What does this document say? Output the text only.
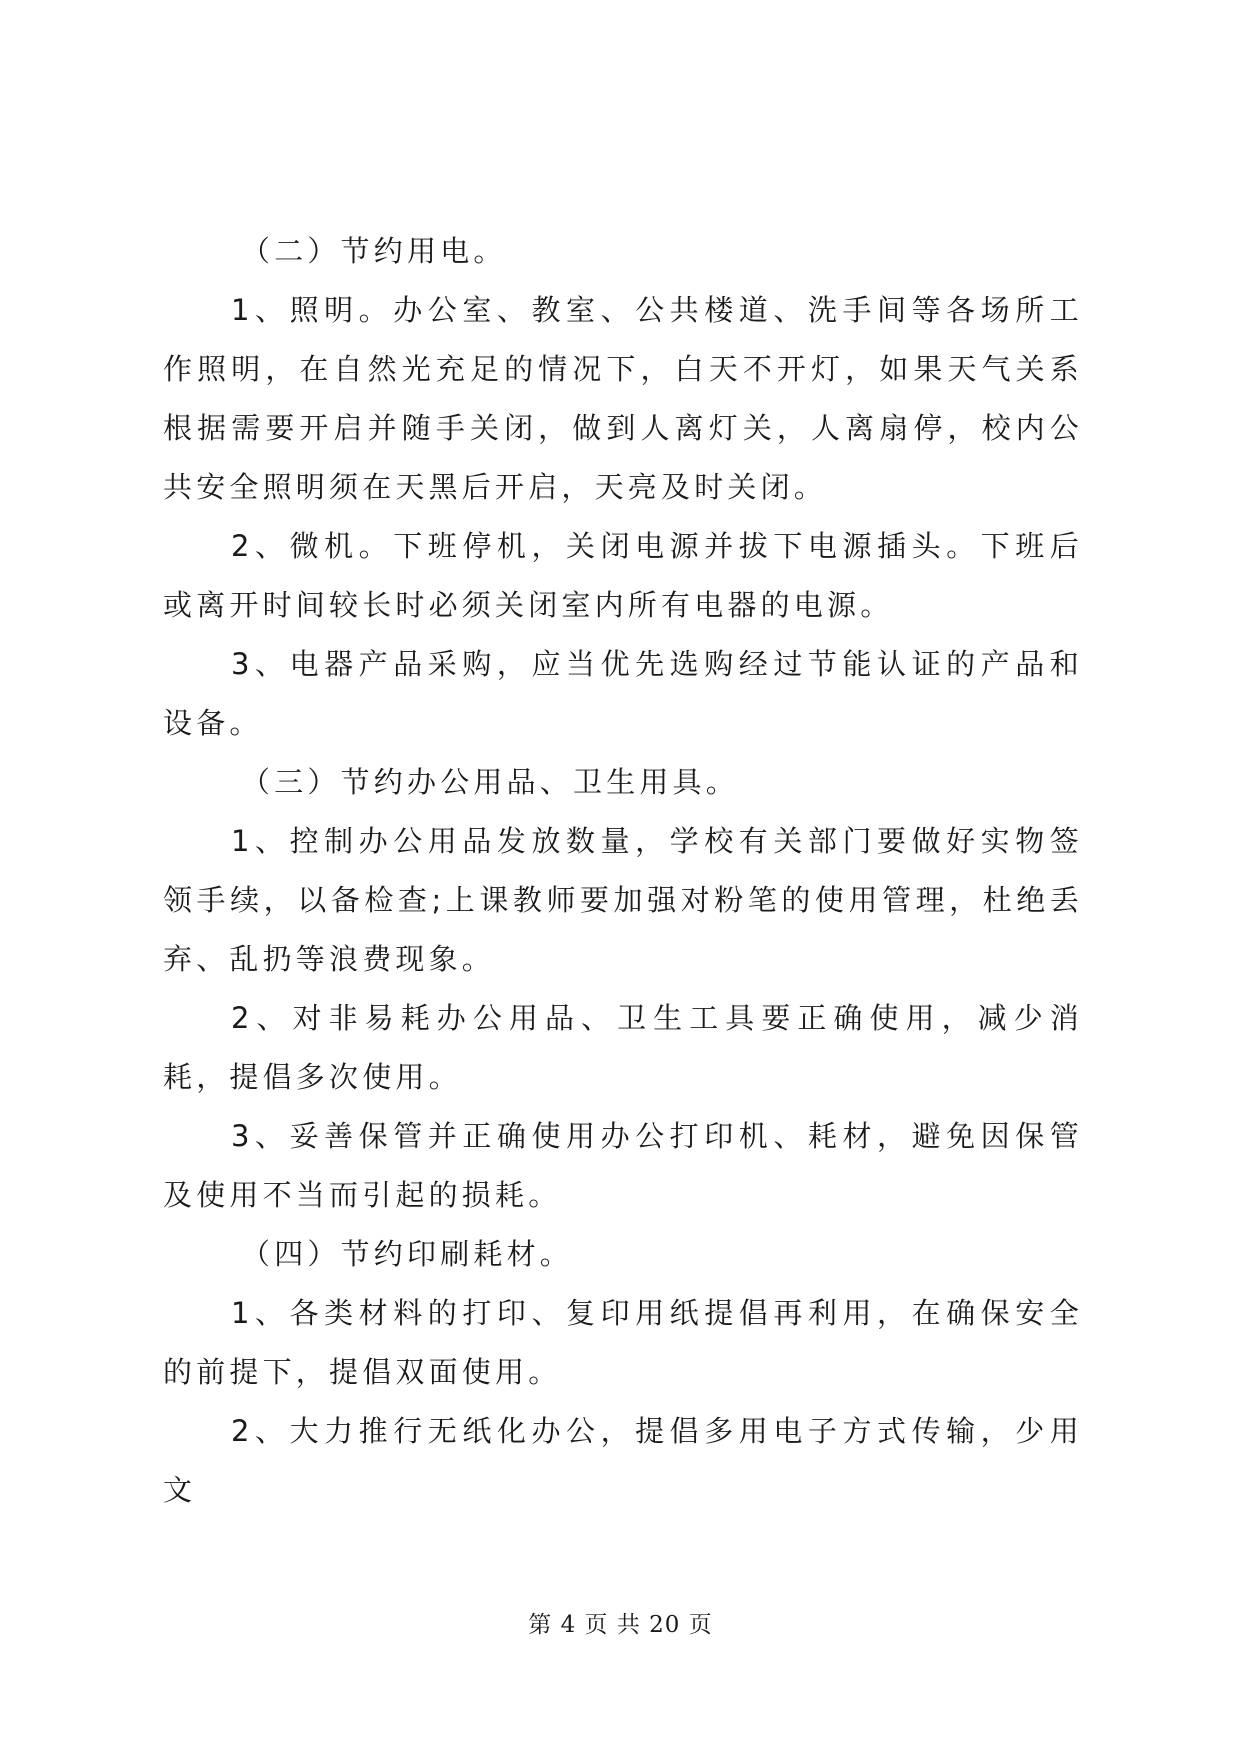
（二）节约用电。

1、照明。办公室、教室、公共楼道、洗手间等各场所工作照明，在自然光充足的情况下，白天不开灯，如果天气关系根据需要开启并随手关闭，做到人离灯关，人离扇停，校内公共安全照明须在天黑后开启，天亮及时关闭。

2、微机。下班停机，关闭电源并拔下电源插头。下班后或离开时间较长时必须关闭室内所有电器的电源。

3、电器产品采购，应当优先选购经过节能认证的产品和设备。

（三）节约办公用品、卫生用具。

1、控制办公用品发放数量，学校有关部门要做好实物签领手续，以备检查;上课教师要加强对粉笔的使用管理，杜绝丢弃、乱扔等浪费现象。

2、对非易耗办公用品、卫生工具要正确使用，减少消耗，提倡多次使用。

3、妥善保管并正确使用办公打印机、耗材，避免因保管及使用不当而引起的损耗。

（四）节约印刷耗材。

1、各类材料的打印、复印用纸提倡再利用，在确保安全的前提下，提倡双面使用。

2、大力推行无纸化办公，提倡多用电子方式传输，少用文

第 4 页 共 20 页
